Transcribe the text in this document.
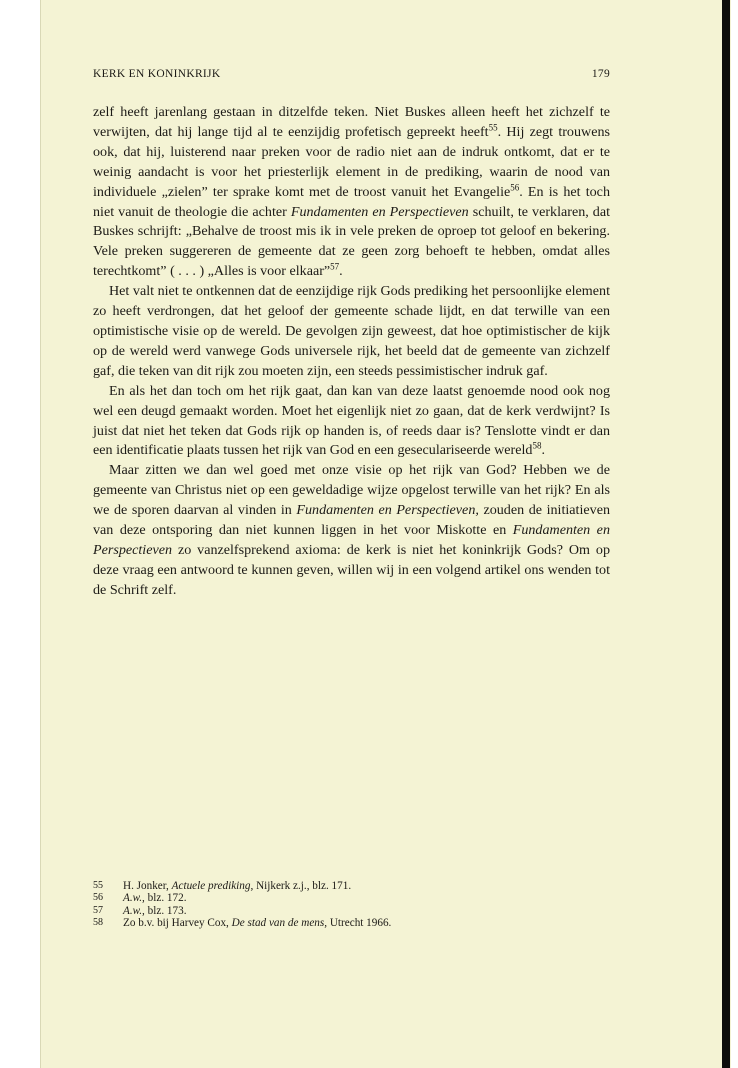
KERK EN KONINKRIJK	179

zelf heeft jarenlang gestaan in ditzelfde teken. Niet Buskes alleen heeft het zichzelf te verwijten, dat hij lange tijd al te eenzijdig profetisch gepreekt heeft$^{55}$. Hij zegt trouwens ook, dat hij, luisterend naar preken voor de radio niet aan de indruk ontkomt, dat er te weinig aandacht is voor het priesterlijk element in de prediking, waarin de nood van individuele „zielen” ter sprake komt met de troost vanuit het Evangelie$^{56}$. En is het toch niet vanuit de theologie die achter Fundamenten en Perspectieven schuilt, te verklaren, dat Buskes schrijft: „Behalve de troost mis ik in vele preken de oproep tot geloof en bekering. Vele preken suggereren de gemeente dat ze geen zorg behoeft te hebben, omdat alles terechtkomt” ( . . . ) „Alles is voor elkaar”$^{57}$.

Het valt niet te ontkennen dat de eenzijdige rijk Gods prediking het persoonlijke element zo heeft verdrongen, dat het geloof der gemeente schade lijdt, en dat terwille van een optimistische visie op de wereld. De gevolgen zijn geweest, dat hoe optimistischer de kijk op de wereld werd vanwege Gods universele rijk, het beeld dat de gemeente van zichzelf gaf, die teken van dit rijk zou moeten zijn, een steeds pessimistischer indruk gaf.

En als het dan toch om het rijk gaat, dan kan van deze laatst genoemde nood ook nog wel een deugd gemaakt worden. Moet het eigenlijk niet zo gaan, dat de kerk verdwijnt? Is juist dat niet het teken dat Gods rijk op handen is, of reeds daar is? Tenslotte vindt er dan een identificatie plaats tussen het rijk van God en een geseculariseerde wereld$^{58}$.

Maar zitten we dan wel goed met onze visie op het rijk van God? Hebben we de gemeente van Christus niet op een geweldadige wijze opgelost terwille van het rijk? En als we de sporen daarvan al vinden in Fundamenten en Perspectieven, zouden de initiatieven van deze ontsporing dan niet kunnen liggen in het voor Miskotte en Fundamenten en Perspectieven zo vanzelfsprekend axioma: de kerk is niet het koninkrijk Gods? Om op deze vraag een antwoord te kunnen geven, willen wij in een volgend artikel ons wenden tot de Schrift zelf.

55	H. Jonker, Actuele prediking, Nijkerk z.j., blz. 171.
56	A.w., blz. 172.
57	A.w., blz. 173.
58	Zo b.v. bij Harvey Cox, De stad van de mens, Utrecht 1966.
